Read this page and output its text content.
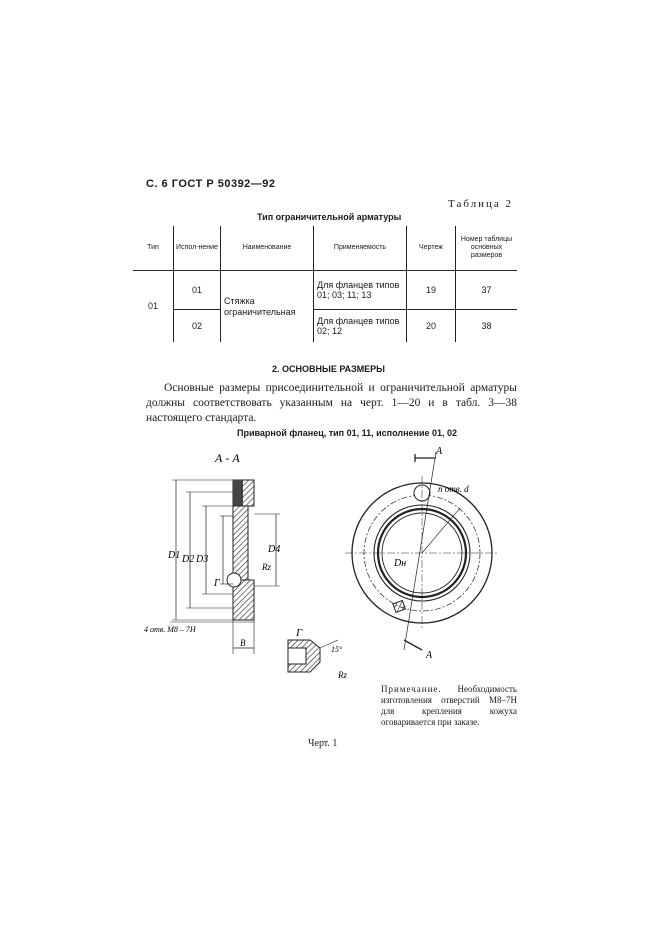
С. 6 ГОСТ Р 50392—92
Таблица 2
Тип ограничительной арматуры
Тип	Испол-нение	Наименование	Применяемость	Чертеж	Номер таблицы основных размеров
01	01	Стяжка ограничительная	Для фланцев типов 01; 03; 11; 13	19	37
	02		Для фланцев типов 02; 12	20	38
2. ОСНОВНЫЕ РАЗМЕРЫ
Основные размеры присоединительной и ограничительной арматуры должны соответствовать указанным на черт. 1—20 и в табл. 3—38 настоящего стандарта.
Приварной фланец, тип 01, 11, исполнение 01, 02
А - А
D1 D2 D3
D4
Г
Rz
4 отв. М8 – 7Н
B
n отв. d
Dн
А
А
Г
15°
Rz
Примечание. Необходимость изготовления отверстий М8–7Н для крепления кожуха оговаривается при заказе.
Черт. 1
